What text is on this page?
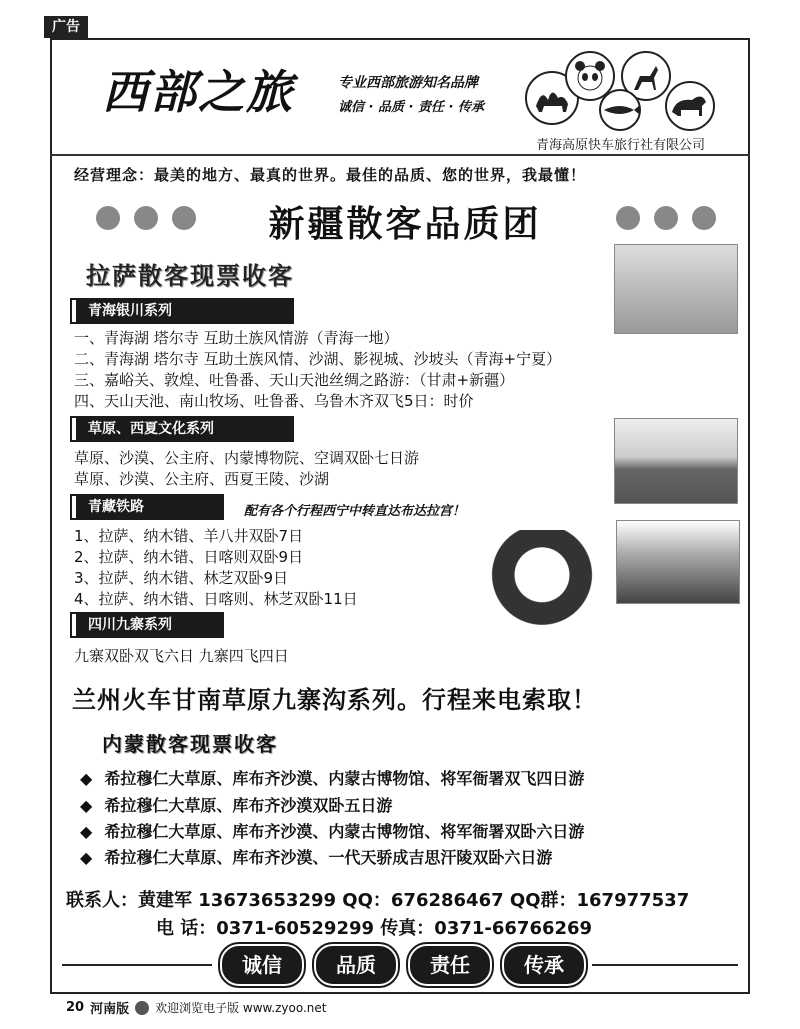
广告
西部之旅	专业西部旅游知名品牌
诚信 · 品质 · 责任 · 传承
青海高原快车旅行社有限公司
经营理念：最美的地方、最真的世界。最佳的品质、您的世界，我最懂！
新疆散客品质团
拉萨散客现票收客
青海银川系列
一、青海湖 塔尔寺 互助土族风情游（青海一地）
二、青海湖 塔尔寺 互助土族风情、沙湖、影视城、沙坡头（青海+宁夏）
三、嘉峪关、敦煌、吐鲁番、天山天池丝绸之路游：（甘肃+新疆）
四、天山天池、南山牧场、吐鲁番、乌鲁木齐双飞5日：时价
草原、西夏文化系列
草原、沙漠、公主府、内蒙博物院、空调双卧七日游
草原、沙漠、公主府、西夏王陵、沙湖
青藏铁路	配有各个行程西宁中转直达布达拉宫！
1、拉萨、纳木错、羊八井双卧7日
2、拉萨、纳木错、日喀则双卧9日
3、拉萨、纳木错、林芝双卧9日
4、拉萨、纳木错、日喀则、林芝双卧11日
四川九寨系列
九寨双卧双飞六日 九寨四飞四日
兰州火车甘南草原九寨沟系列。行程来电索取！
内蒙散客现票收客
◆ 希拉穆仁大草原、库布齐沙漠、内蒙古博物馆、将军衙署双飞四日游
◆ 希拉穆仁大草原、库布齐沙漠双卧五日游
◆ 希拉穆仁大草原、库布齐沙漠、内蒙古博物馆、将军衙署双卧六日游
◆ 希拉穆仁大草原、库布齐沙漠、一代天骄成吉思汗陵双卧六日游
联系人：黄建军 13673653299 QQ：676286467 QQ群：167977537
电 话：0371-60529299 传真：0371-66766269
诚信	品质	责任	传承
20 河南版 欢迎浏览电子版 www.zyoo.net
